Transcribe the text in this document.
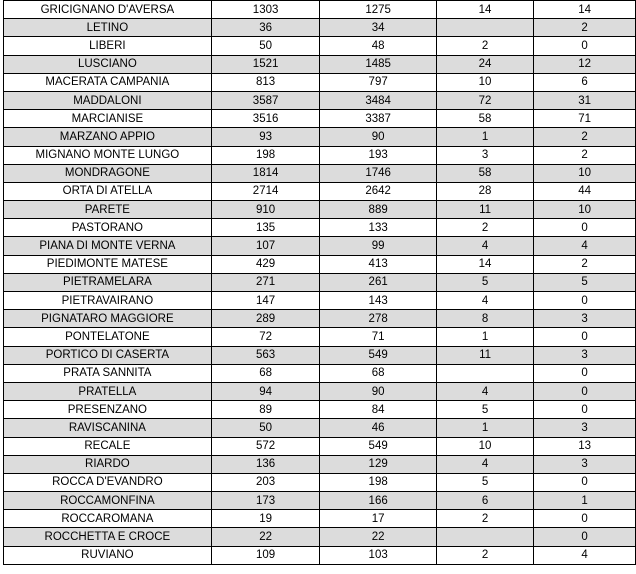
GRICIGNANO D'AVERSA	1303	1275	14	14
LETINO	36	34		2
LIBERI	50	48	2	0
LUSCIANO	1521	1485	24	12
MACERATA CAMPANIA	813	797	10	6
MADDALONI	3587	3484	72	31
MARCIANISE	3516	3387	58	71
MARZANO APPIO	93	90	1	2
MIGNANO MONTE LUNGO	198	193	3	2
MONDRAGONE	1814	1746	58	10
ORTA DI ATELLA	2714	2642	28	44
PARETE	910	889	11	10
PASTORANO	135	133	2	0
PIANA DI MONTE VERNA	107	99	4	4
PIEDIMONTE MATESE	429	413	14	2
PIETRAMELARA	271	261	5	5
PIETRAVAIRANO	147	143	4	0
PIGNATARO MAGGIORE	289	278	8	3
PONTELATONE	72	71	1	0
PORTICO DI CASERTA	563	549	11	3
PRATA SANNITA	68	68		0
PRATELLA	94	90	4	0
PRESENZANO	89	84	5	0
RAVISCANINA	50	46	1	3
RECALE	572	549	10	13
RIARDO	136	129	4	3
ROCCA D'EVANDRO	203	198	5	0
ROCCAMONFINA	173	166	6	1
ROCCAROMANA	19	17	2	0
ROCCHETTA E CROCE	22	22		0
RUVIANO	109	103	2	4
